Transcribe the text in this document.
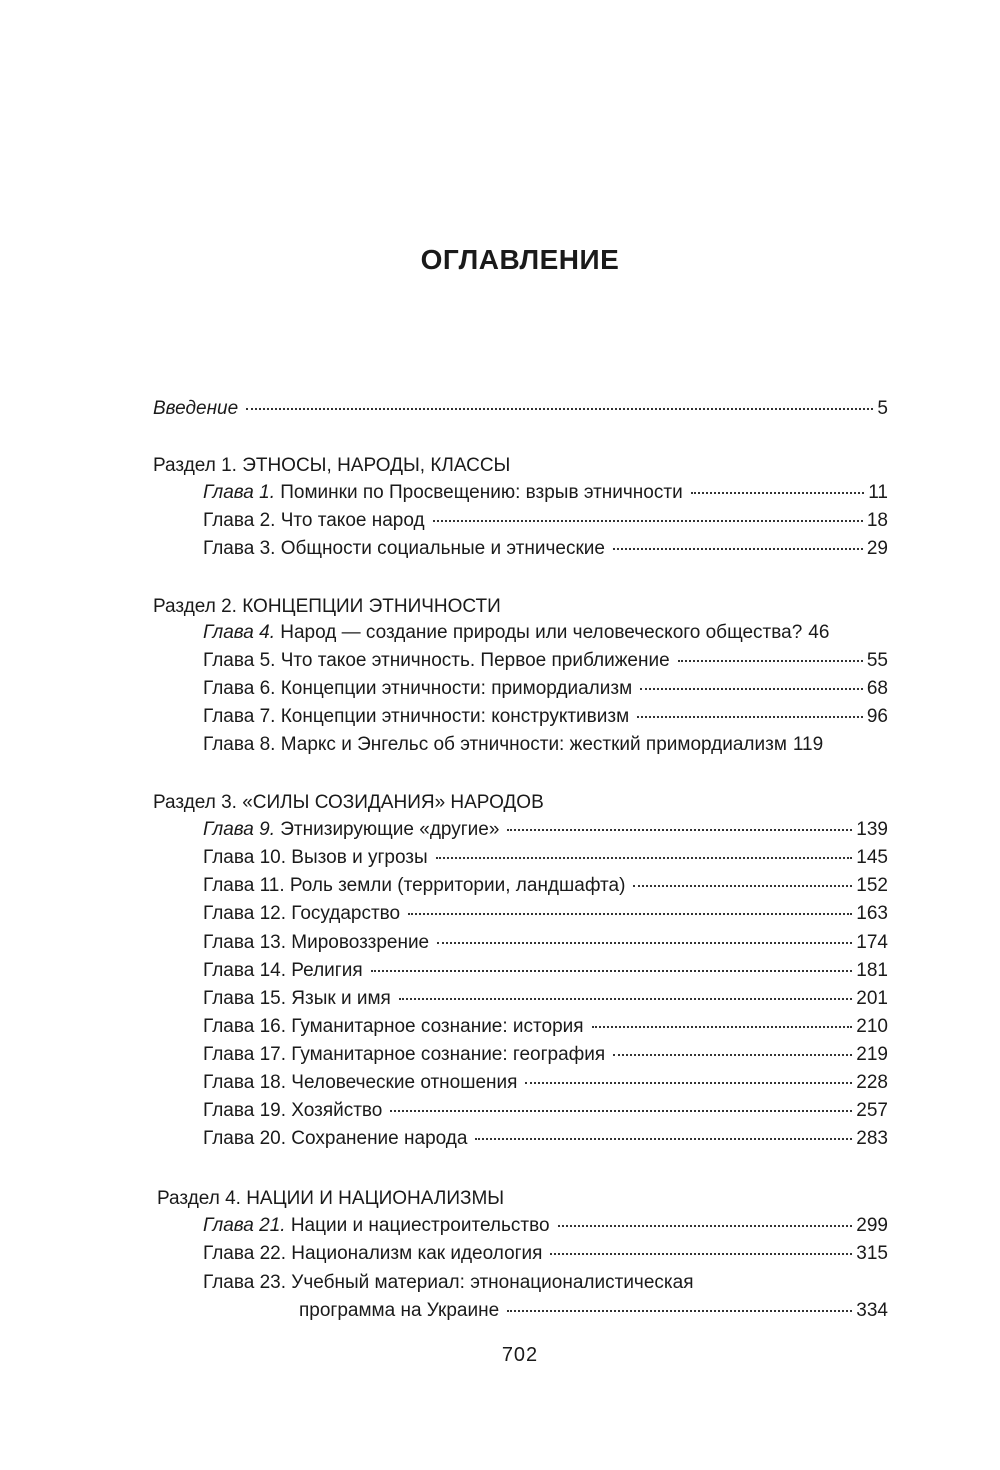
ОГЛАВЛЕНИЕ
Введение	5
Раздел 1. ЭТНОСЫ, НАРОДЫ, КЛАССЫ
Глава 1. Поминки по Просвещению: взрыв этничности	11
Глава 2. Что такое народ	18
Глава 3. Общности социальные и этнические	29
Раздел 2. КОНЦЕПЦИИ ЭТНИЧНОСТИ
Глава 4. Народ — создание природы или человеческого общества? 46
Глава 5. Что такое этничность. Первое приближение	55
Глава 6. Концепции этничности: примордиализм	68
Глава 7. Концепции этничности: конструктивизм	96
Глава 8. Маркс и Энгельс об этничности: жесткий примордиализм 119
Раздел 3. «СИЛЫ СОЗИДАНИЯ» НАРОДОВ
Глава 9. Этнизирующие «другие»	139
Глава 10. Вызов и угрозы	145
Глава 11. Роль земли (территории, ландшафта)	152
Глава 12. Государство	163
Глава 13. Мировоззрение	174
Глава 14. Религия	181
Глава 15. Язык и имя	201
Глава 16. Гуманитарное сознание: история	210
Глава 17. Гуманитарное сознание: география	219
Глава 18. Человеческие отношения	228
Глава 19. Хозяйство	257
Глава 20. Сохранение народа	283
Раздел 4. НАЦИИ И НАЦИОНАЛИЗМЫ
Глава 21. Нации и нациестроительство	299
Глава 22. Национализм как идеология	315
Глава 23. Учебный материал: этнонационалистическая
программа на Украине	334
702
